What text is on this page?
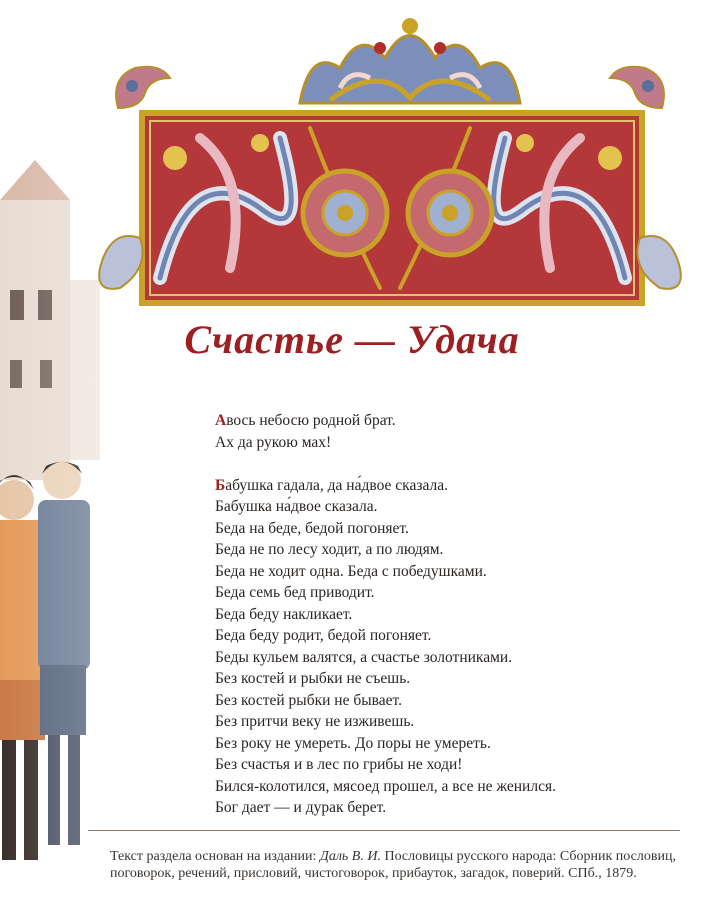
Счастье — Удача
Авось небосю родной брат.
Ах да рукою мах!
Бабушка гадала, да на́двое сказала.
Бабушка на́двое сказала.
Беда на беде, бедой погоняет.
Беда не по лесу ходит, а по людям.
Беда не ходит одна. Беда с победушками.
Беда семь бед приводит.
Беда беду накликает.
Беда беду родит, бедой погоняет.
Беды кульем валятся, а счастье золотниками.
Без костей и рыбки не съешь.
Без костей рыбки не бывает.
Без притчи веку не изживешь.
Без року не умереть. До поры не умереть.
Без счастья и в лес по грибы не ходи!
Бился-колотился, мясоед прошел, а все не женился.
Бог дает — и дурак берет.
Текст раздела основан на издании: Даль В. И. Пословицы русского народа: Сборник пословиц, поговорок, речений, присловий, чистоговорок, прибауток, загадок, поверий. СПб., 1879.
